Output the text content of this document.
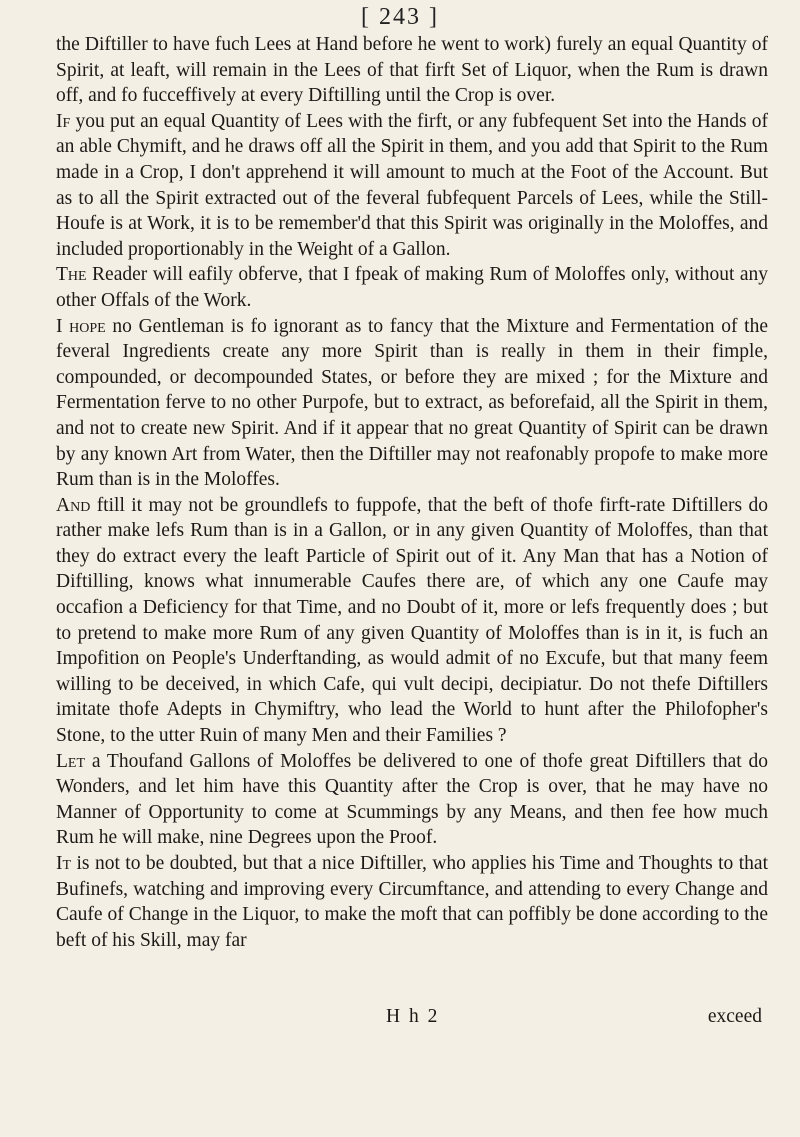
[ 243 ]

the Diftiller to have fuch Lees at Hand before he went to work) furely an equal Quantity of Spirit, at leaft, will remain in the Lees of that firft Set of Liquor, when the Rum is drawn off, and fo fucceffively at every Diftilling until the Crop is over.

If you put an equal Quantity of Lees with the firft, or any fubfequent Set into the Hands of an able Chymift, and he draws off all the Spirit in them, and you add that Spirit to the Rum made in a Crop, I don't apprehend it will amount to much at the Foot of the Account. But as to all the Spirit extracted out of the feveral fubfequent Parcels of Lees, while the Still-Houfe is at Work, it is to be remember'd that this Spirit was originally in the Moloffes, and included proportionably in the Weight of a Gallon.

The Reader will eafily obferve, that I fpeak of making Rum of Moloffes only, without any other Offals of the Work.

I hope no Gentleman is fo ignorant as to fancy that the Mixture and Fermentation of the feveral Ingredients create any more Spirit than is really in them in their fimple, compounded, or decompounded States, or before they are mixed ; for the Mixture and Fermentation ferve to no other Purpofe, but to extract, as beforefaid, all the Spirit in them, and not to create new Spirit. And if it appear that no great Quantity of Spirit can be drawn by any known Art from Water, then the Diftiller may not reafonably propofe to make more Rum than is in the Moloffes.

And ftill it may not be groundlefs to fuppofe, that the beft of thofe firft-rate Diftillers do rather make lefs Rum than is in a Gallon, or in any given Quantity of Moloffes, than that they do extract every the leaft Particle of Spirit out of it. Any Man that has a Notion of Diftilling, knows what innumerable Caufes there are, of which any one Caufe may occafion a Deficiency for that Time, and no Doubt of it, more or lefs frequently does ; but to pretend to make more Rum of any given Quantity of Moloffes than is in it, is fuch an Impofition on People's Underftanding, as would admit of no Excufe, but that many feem willing to be deceived, in which Cafe, qui vult decipi, decipiatur. Do not thefe Diftillers imitate thofe Adepts in Chymiftry, who lead the World to hunt after the Philofopher's Stone, to the utter Ruin of many Men and their Families ?

Let a Thoufand Gallons of Moloffes be delivered to one of thofe great Diftillers that do Wonders, and let him have this Quantity after the Crop is over, that he may have no Manner of Opportunity to come at Scummings by any Means, and then fee how much Rum he will make, nine Degrees upon the Proof.

It is not to be doubted, but that a nice Diftiller, who applies his Time and Thoughts to that Bufinefs, watching and improving every Circumftance, and attending to every Change and Caufe of Change in the Liquor, to make the moft that can poffibly be done according to the beft of his Skill, may far

H h 2	exceed
